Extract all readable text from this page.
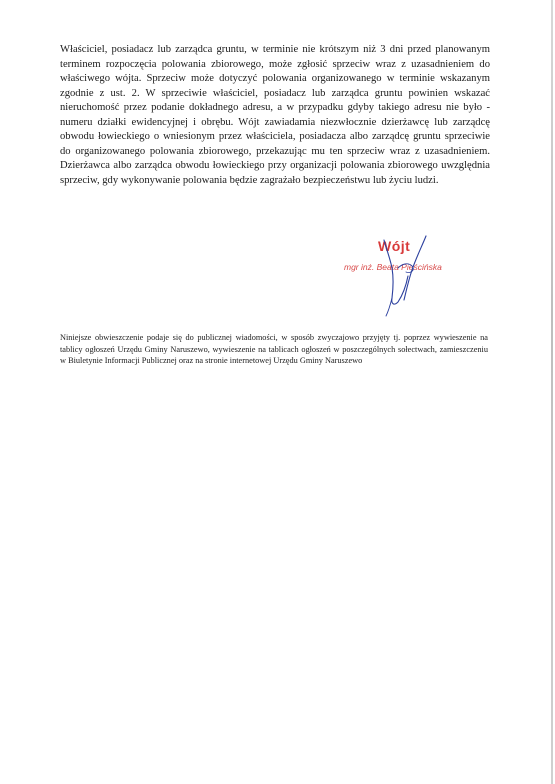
Właściciel, posiadacz lub zarządca gruntu, w terminie nie krótszym niż 3 dni przed planowanym terminem rozpoczęcia polowania zbiorowego, może zgłosić sprzeciw wraz z uzasadnieniem do właściwego wójta. Sprzeciw może dotyczyć polowania organizowanego w terminie wskazanym zgodnie z ust. 2. W sprzeciwie właściciel, posiadacz lub zarządca gruntu powinien wskazać nieruchomość przez podanie dokładnego adresu, a w przypadku gdyby takiego adresu nie było - numeru działki ewidencyjnej i obrębu. Wójt zawiadamia niezwłocznie dzierżawcę lub zarządcę obwodu łowieckiego o wniesionym przez właściciela, posiadacza albo zarządcę gruntu sprzeciwie do organizowanego polowania zbiorowego, przekazując mu ten sprzeciw wraz z uzasadnieniem. Dzierżawca albo zarządca obwodu łowieckiego przy organizacji polowania zbiorowego uwzględnia sprzeciw, gdy wykonywanie polowania będzie zagrażało bezpieczeństwu lub życiu ludzi.

Wójt
mgr inż. Beata Pieścińska

Niniejsze obwieszczenie podaje się do publicznej wiadomości, w sposób zwyczajowo przyjęty tj. poprzez wywieszenie na tablicy ogłoszeń Urzędu Gminy Naruszewo, wywieszenie na tablicach ogłoszeń w poszczególnych sołectwach, zamieszczeniu w Biuletynie Informacji Publicznej oraz na stronie internetowej Urzędu Gminy Naruszewo
